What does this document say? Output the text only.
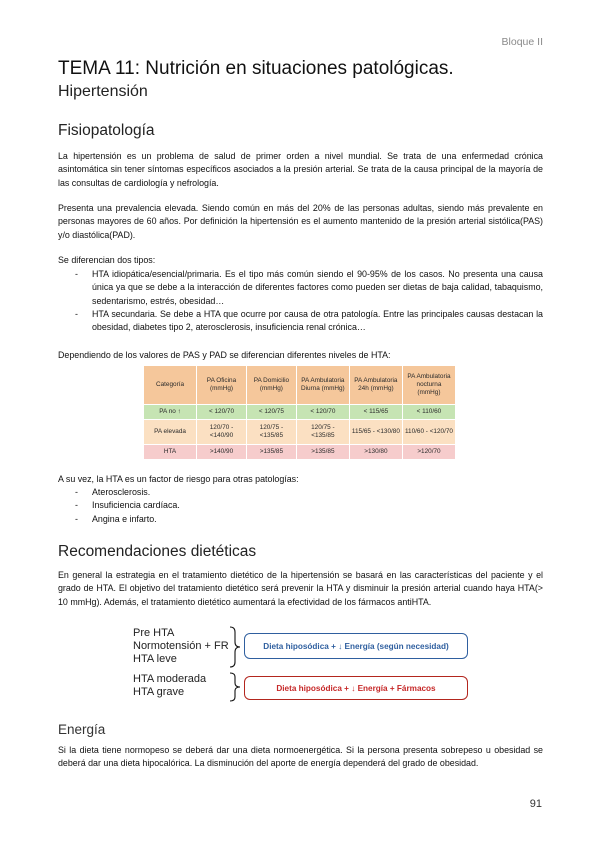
Bloque II
TEMA 11: Nutrición en situaciones patológicas.
Hipertensión
Fisiopatología

La hipertensión es un problema de salud de primer orden a nivel mundial. Se trata de una enfermedad crónica asintomática sin tener síntomas específicos asociados a la presión arterial. Se trata de la causa principal de la mayoría de las consultas de cardiología y nefrología.

Presenta una prevalencia elevada. Siendo común en más del 20% de las personas adultas, siendo más prevalente en personas mayores de 60 años. Por definición la hipertensión es el aumento mantenido de la presión arterial sistólica(PAS) y/o diastólica(PAD).

Se diferencian dos tipos:

- HTA idiopática/esencial/primaria. Es el tipo más común siendo el 90-95% de los casos. No presenta una causa única ya que se debe a la interacción de diferentes factores como pueden ser dietas de baja calidad, tabaquismo, sedentarismo, estrés, obesidad…
- HTA secundaria. Se debe a HTA que ocurre por causa de otra patología. Entre las principales causas destacan la obesidad, diabetes tipo 2, aterosclerosis, insuficiencia renal crónica…

Dependiendo de los valores de PAS y PAD se diferencian diferentes niveles de HTA:

Categoría	PA Oficina (mmHg)	PA Domicilio (mmHg)	PA Ambulatoria Diurna (mmHg)	PA Ambulatoria 24h (mmHg)	PA Ambulatoria nocturna (mmHg)
PA no ↑	< 120/70	< 120/75	< 120/70	< 115/65	< 110/60
PA elevada	120/70 - <140/90	120/75 - <135/85	120/75 - <135/85	115/65 - <130/80	110/60 - <120/70
HTA	>140/90	>135/85	>135/85	>130/80	>120/70

A su vez, la HTA es un factor de riesgo para otras patologías:

- Aterosclerosis.
- Insuficiencia cardíaca.
- Angina e infarto.
Recomendaciones dietéticas

En general la estrategia en el tratamiento dietético de la hipertensión se basará en las características del paciente y el grado de HTA. El objetivo del tratamiento dietético será prevenir la HTA y disminuir la presión arterial cuando haya HTA(> 10 mmHg). Además, el tratamiento dietético aumentará la efectividad de los fármacos antiHTA.

Pre HTA
Normotensión + FR
HTA leve
Dieta hiposódica + ↓ Energía (según necesidad)
HTA moderada
HTA grave	Dieta hiposódica + ↓ Energía + Fármacos
Energía

Si la dieta tiene normopeso se deberá dar una dieta normoenergética. Si la persona presenta sobrepeso u obesidad se deberá dar una dieta hipocalórica. La disminución del aporte de energía dependerá del grado de obesidad.

91
